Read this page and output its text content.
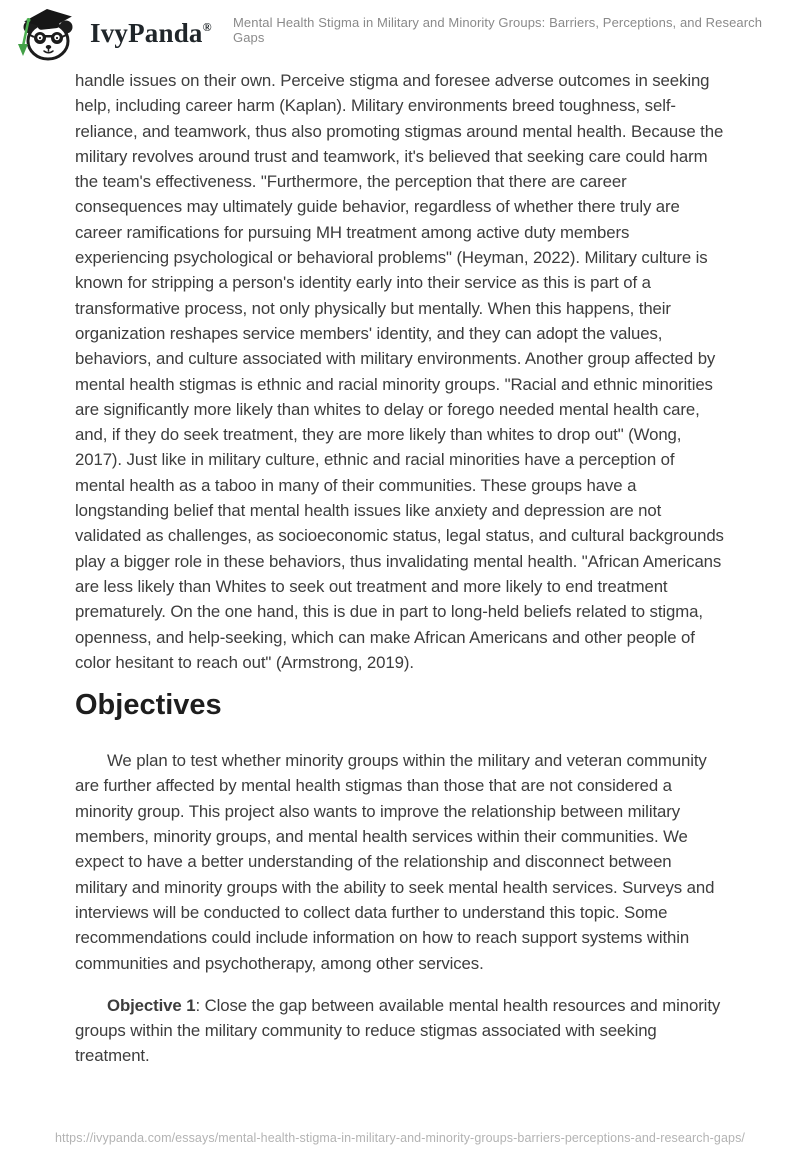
IvyPanda ® Mental Health Stigma in Military and Minority Groups: Barriers, Perceptions, and Research Gaps

handle issues on their own. Perceive stigma and foresee adverse outcomes in seeking help, including career harm (Kaplan). Military environments breed toughness, self-reliance, and teamwork, thus also promoting stigmas around mental health. Because the military revolves around trust and teamwork, it's believed that seeking care could harm the team's effectiveness. "Furthermore, the perception that there are career consequences may ultimately guide behavior, regardless of whether there truly are career ramifications for pursuing MH treatment among active duty members experiencing psychological or behavioral problems" (Heyman, 2022). Military culture is known for stripping a person's identity early into their service as this is part of a transformative process, not only physically but mentally. When this happens, their organization reshapes service members' identity, and they can adopt the values, behaviors, and culture associated with military environments. Another group affected by mental health stigmas is ethnic and racial minority groups. "Racial and ethnic minorities are significantly more likely than whites to delay or forego needed mental health care, and, if they do seek treatment, they are more likely than whites to drop out" (Wong, 2017). Just like in military culture, ethnic and racial minorities have a perception of mental health as a taboo in many of their communities. These groups have a longstanding belief that mental health issues like anxiety and depression are not validated as challenges, as socioeconomic status, legal status, and cultural backgrounds play a bigger role in these behaviors, thus invalidating mental health. "African Americans are less likely than Whites to seek out treatment and more likely to end treatment prematurely. On the one hand, this is due in part to long-held beliefs related to stigma, openness, and help-seeking, which can make African Americans and other people of color hesitant to reach out" (Armstrong, 2019).

Objectives

We plan to test whether minority groups within the military and veteran community are further affected by mental health stigmas than those that are not considered a minority group. This project also wants to improve the relationship between military members, minority groups, and mental health services within their communities. We expect to have a better understanding of the relationship and disconnect between military and minority groups with the ability to seek mental health services. Surveys and interviews will be conducted to collect data further to understand this topic. Some recommendations could include information on how to reach support systems within communities and psychotherapy, among other services.

Objective 1: Close the gap between available mental health resources and minority groups within the military community to reduce stigmas associated with seeking treatment.

https://ivypanda.com/essays/mental-health-stigma-in-military-and-minority-groups-barriers-perceptions-and-research-gaps/
